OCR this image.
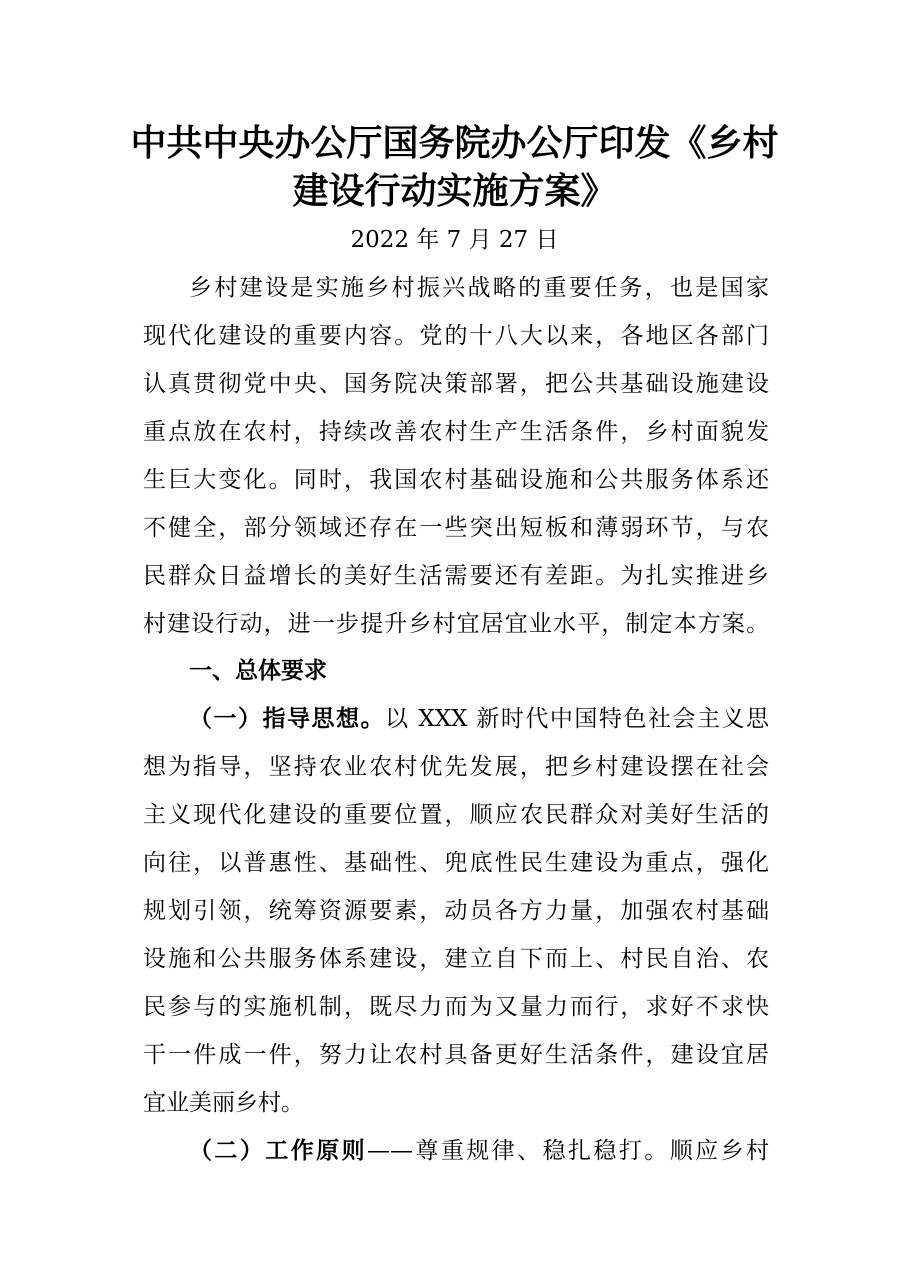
中共中央办公厅国务院办公厅印发《乡村
建设行动实施方案》
2022 年 7 月 27 日
乡村建设是实施乡村振兴战略的重要任务，也是国家
现代化建设的重要内容。党的十八大以来，各地区各部门
认真贯彻党中央、国务院决策部署，把公共基础设施建设
重点放在农村，持续改善农村生产生活条件，乡村面貌发
生巨大变化。同时，我国农村基础设施和公共服务体系还
不健全，部分领域还存在一些突出短板和薄弱环节，与农
民群众日益增长的美好生活需要还有差距。为扎实推进乡
村建设行动，进一步提升乡村宜居宜业水平，制定本方案。
一、总体要求
（一）指导思想。以 XXX 新时代中国特色社会主义思
想为指导，坚持农业农村优先发展，把乡村建设摆在社会
主义现代化建设的重要位置，顺应农民群众对美好生活的
向往，以普惠性、基础性、兜底性民生建设为重点，强化
规划引领，统筹资源要素，动员各方力量，加强农村基础
设施和公共服务体系建设，建立自下而上、村民自治、农
民参与的实施机制，既尽力而为又量力而行，求好不求快
干一件成一件，努力让农村具备更好生活条件，建设宜居
宜业美丽乡村。
（二）工作原则——尊重规律、稳扎稳打。顺应乡村
